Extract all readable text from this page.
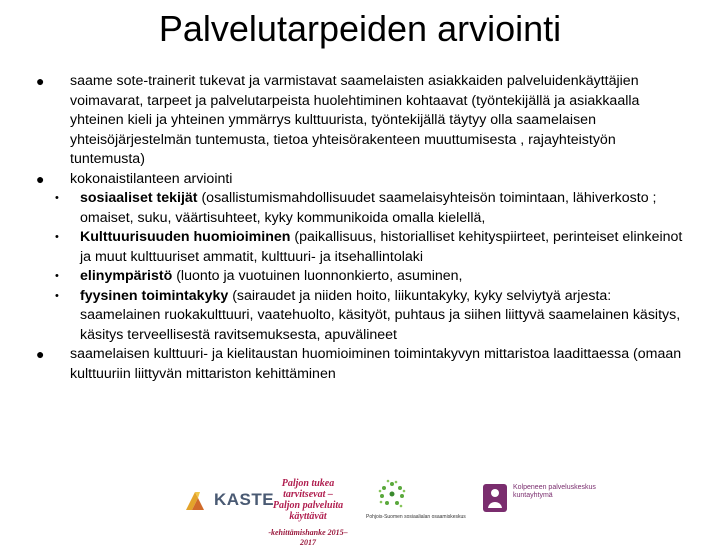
Palvelutarpeiden arviointi
●	saame sote-trainerit tukevat ja varmistavat saamelaisten asiakkaiden palveluidenkäyttäjien voimavarat, tarpeet ja palvelutarpeista huolehtiminen kohtaavat (työntekijällä ja asiakkaalla yhteinen kieli ja yhteinen ymmärrys kulttuurista, työntekijällä täytyy olla saamelaisen yhteisöjärjestelmän tuntemusta, tietoa yhteisörakenteen muuttumisesta , rajayhteistyön tuntemusta)
●	kokonaistilanteen arviointi
• sosiaaliset tekijät (osallistumismahdollisuudet saamelaisyhteisön toimintaan, lähiverkosto ; omaiset, suku, väärtisuhteet, kyky kommunikoida omalla kielellä,
• Kulttuurisuuden huomioiminen (paikallisuus, historialliset kehityspiirteet, perinteiset elinkeinot ja muut kulttuuriset ammatit, kulttuuri- ja itsehallintolaki
• elinympäristö (luonto ja vuotuinen luonnonkierto, asuminen,
• fyysinen toimintakyky (sairaudet ja niiden hoito, liikuntakyky, kyky selviytyä arjesta: saamelainen ruokakulttuuri, vaatehuolto, käsityöt, puhtaus ja siihen liittyvä saamelainen käsitys, käsitys terveellisestä ravitsemuksesta, apuvälineet
●	saamelaisen kulttuuri- ja kielitaustan huomioiminen toimintakyvyn mittaristoa laadittaessa (omaan kulttuuriin liittyvän mittariston kehittäminen
KASTE
Paljon tukea tarvitsevat –
Paljon palveluita käyttävät
-kehittämishanke 2015–2017
Pohjois-Suomen sosiaalialan osaamiskeskus
Kolpeneen palveluskeskus kuntayhtymä
